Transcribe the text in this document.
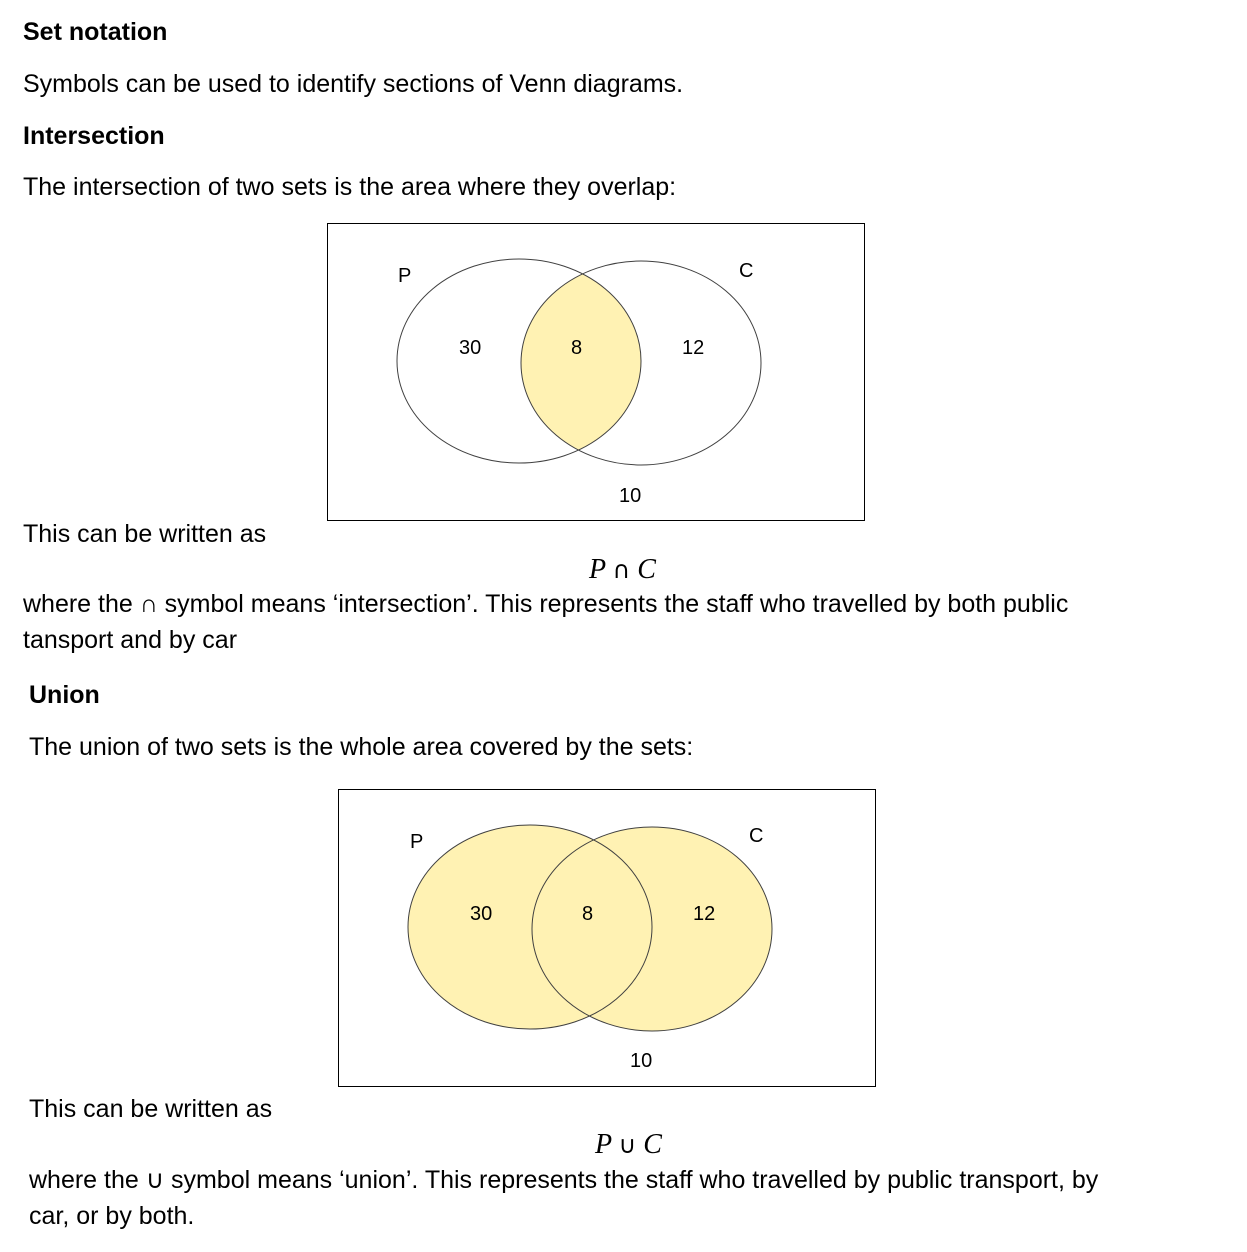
Set notation
Symbols can be used to identify sections of Venn diagrams.
Intersection
The intersection of two sets is the area where they overlap:
P	C
30	8	12
10
This can be written as
P ∩ C
where the ∩ symbol means ‘intersection’. This represents the staff who travelled by both public
tansport and by car
Union
The union of two sets is the whole area covered by the sets:
P	C
30	8	12
10
This can be written as
P ∪ C
where the ∪ symbol means ‘union’. This represents the staff who travelled by public transport, by
car, or by both.
